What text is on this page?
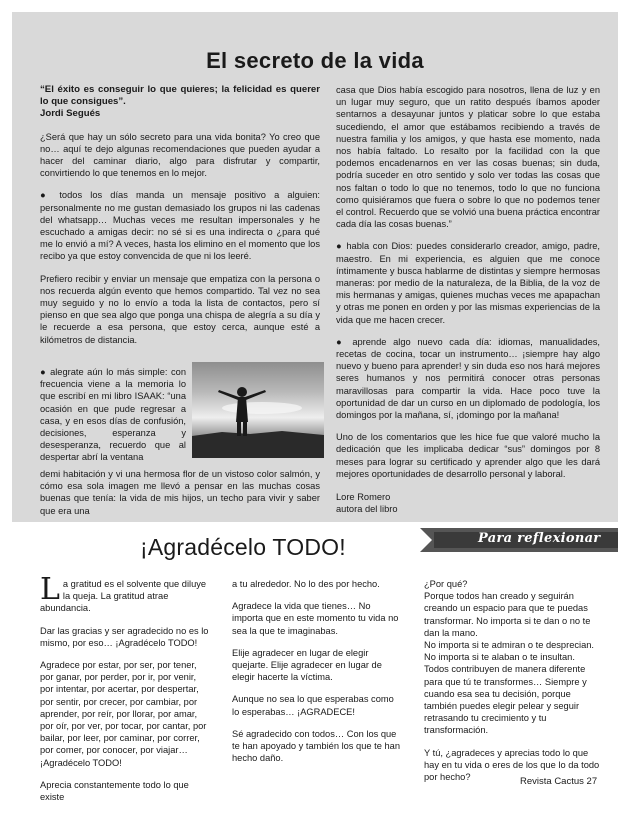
El secreto de la vida
“El éxito es conseguir lo que quieres; la felicidad es querer lo que consigues”.
Jordi Segués

¿Será que hay un sólo secreto para una vida bonita? Yo creo que no… aquí te dejo algunas recomendaciones que pueden ayudar a hacer del caminar diario, algo para disfrutar y compartir, convirtiendo lo que tenemos en lo mejor.

● todos los días manda un mensaje positivo a alguien: personalmente no me gustan demasiado los grupos ni las cadenas del whatsapp… Muchas veces me resultan impersonales y he escuchado a amigas decir: no sé si es una indirecta o ¿para qué me lo envió a mí? A veces, hasta los elimino en el momento que los recibo ya que estoy convencida de que ni los leeré.

Prefiero recibir y enviar un mensaje que empatiza con la persona o nos recuerda algún evento que hemos compartido. Tal vez no sea muy seguido y no lo envío a toda la lista de contactos, pero sí pienso en que sea algo que ponga una chispa de alegría a su día y le recuerde a esa persona, que estoy cerca, aunque esté a kilómetros de distancia.

● alegrate aún lo más simple: con frecuencia viene a la memoria lo que escribí en mi libro ISAAK: “una ocasión en que pude regresar a casa, y en esos días de confusión, decisiones, esperanza y desesperanza, recuerdo que al despertar abrí la ventana
demi habitación y vi una hermosa flor de un vistoso color salmón, y cómo esa sola imagen me llevó a pensar en las muchas cosas buenas que tenía: la vida de mis hijos, un techo para vivir y saber que era una

casa que Dios había escogido para nosotros, llena de luz y en un lugar muy seguro, que un ratito después íbamos apoder sentarnos a desayunar juntos y platicar sobre lo que estaba sucediendo, el amor que estábamos recibiendo a través de nuestra familia y los amigos, y que hasta ese momento, nada nos había faltado. Lo resalto por la facilidad con la que podemos encadenarnos en ver las cosas buenas; sin duda, podría suceder en otro sentido y solo ver todas las cosas que nos faltan o todo lo que no tenemos, todo lo que no funciona como quisiéramos que fuera o sobre lo que no podemos tener el control. Recuerdo que se volvió una buena práctica encontrar cada día las cosas buenas.”

● habla con Dios: puedes considerarlo creador, amigo, padre, maestro. En mi experiencia, es alguien que me conoce íntimamente y busca hablarme de distintas y siempre hermosas maneras: por medio de la naturaleza, de la Biblia, de la voz de mis hermanas y amigas, quienes muchas veces me apapachan y otras me ponen en orden y por las mismas experiencias de la vida que me hacen crecer.

● aprende algo nuevo cada día: idiomas, manualidades, recetas de cocina, tocar un instrumento… ¡siempre hay algo nuevo y bueno para aprender! y sin duda eso nos hará mejores seres humanos y nos permitirá conocer otras personas maravillosas para compartir la vida. Hace poco tuve la oportunidad de dar un curso en un diplomado de podología, los domingos por la mañana, sí, ¡domingo por la mañana!

Uno de los comentarios que les hice fue que valoré mucho la dedicación que les implicaba dedicar “sus” domingos por 8 meses para lograr su certificado y aprender algo que les dará mejores oportunidades de desarrollo personal y laboral.

Lore Romero
autora del libro
Para reflexionar
¡Agradécelo TODO!

La gratitud es el solvente que diluye la queja. La gratitud atrae abundancia.

Dar las gracias y ser agradecido no es lo mismo, por eso… ¡Agradécelo TODO!

Agradece por estar, por ser, por tener, por ganar, por perder, por ir, por venir, por intentar, por acertar, por despertar, por sentir, por crecer, por cambiar, por aprender, por reír, por llorar, por amar, por oír, por ver, por tocar, por cantar, por bailar, por leer, por caminar, por correr, por comer, por conocer, por viajar…

¡Agradécelo TODO!

Aprecia constantemente todo lo que existe

a tu alrededor. No lo des por hecho.

Agradece la vida que tienes… No importa que en este momento tu vida no sea la que te imaginabas.

Elije agradecer en lugar de elegir quejarte. Elije agradecer en lugar de elegir hacerte la víctima.

Aunque no sea lo que esperabas como lo esperabas… ¡AGRADECE!

Sé agradecido con todos… Con los que te han apoyado y también los que te han hecho daño.

¿Por qué?
Porque todos han creado y seguirán creando un espacio para que te puedas transformar. No importa si te dan o no te dan la mano.
No importa si te admiran o te desprecian.
No importa si te alaban o te insultan.

Todos contribuyen de manera diferente para que tú te transformes… Siempre y cuando esa sea tu decisión, porque también puedes elegir pelear y seguir retrasando tu crecimiento y tu transformación.

Y tú, ¿agradeces y aprecias todo lo que hay en tu vida o eres de los que lo da todo por hecho?	Revista Cactus 27
